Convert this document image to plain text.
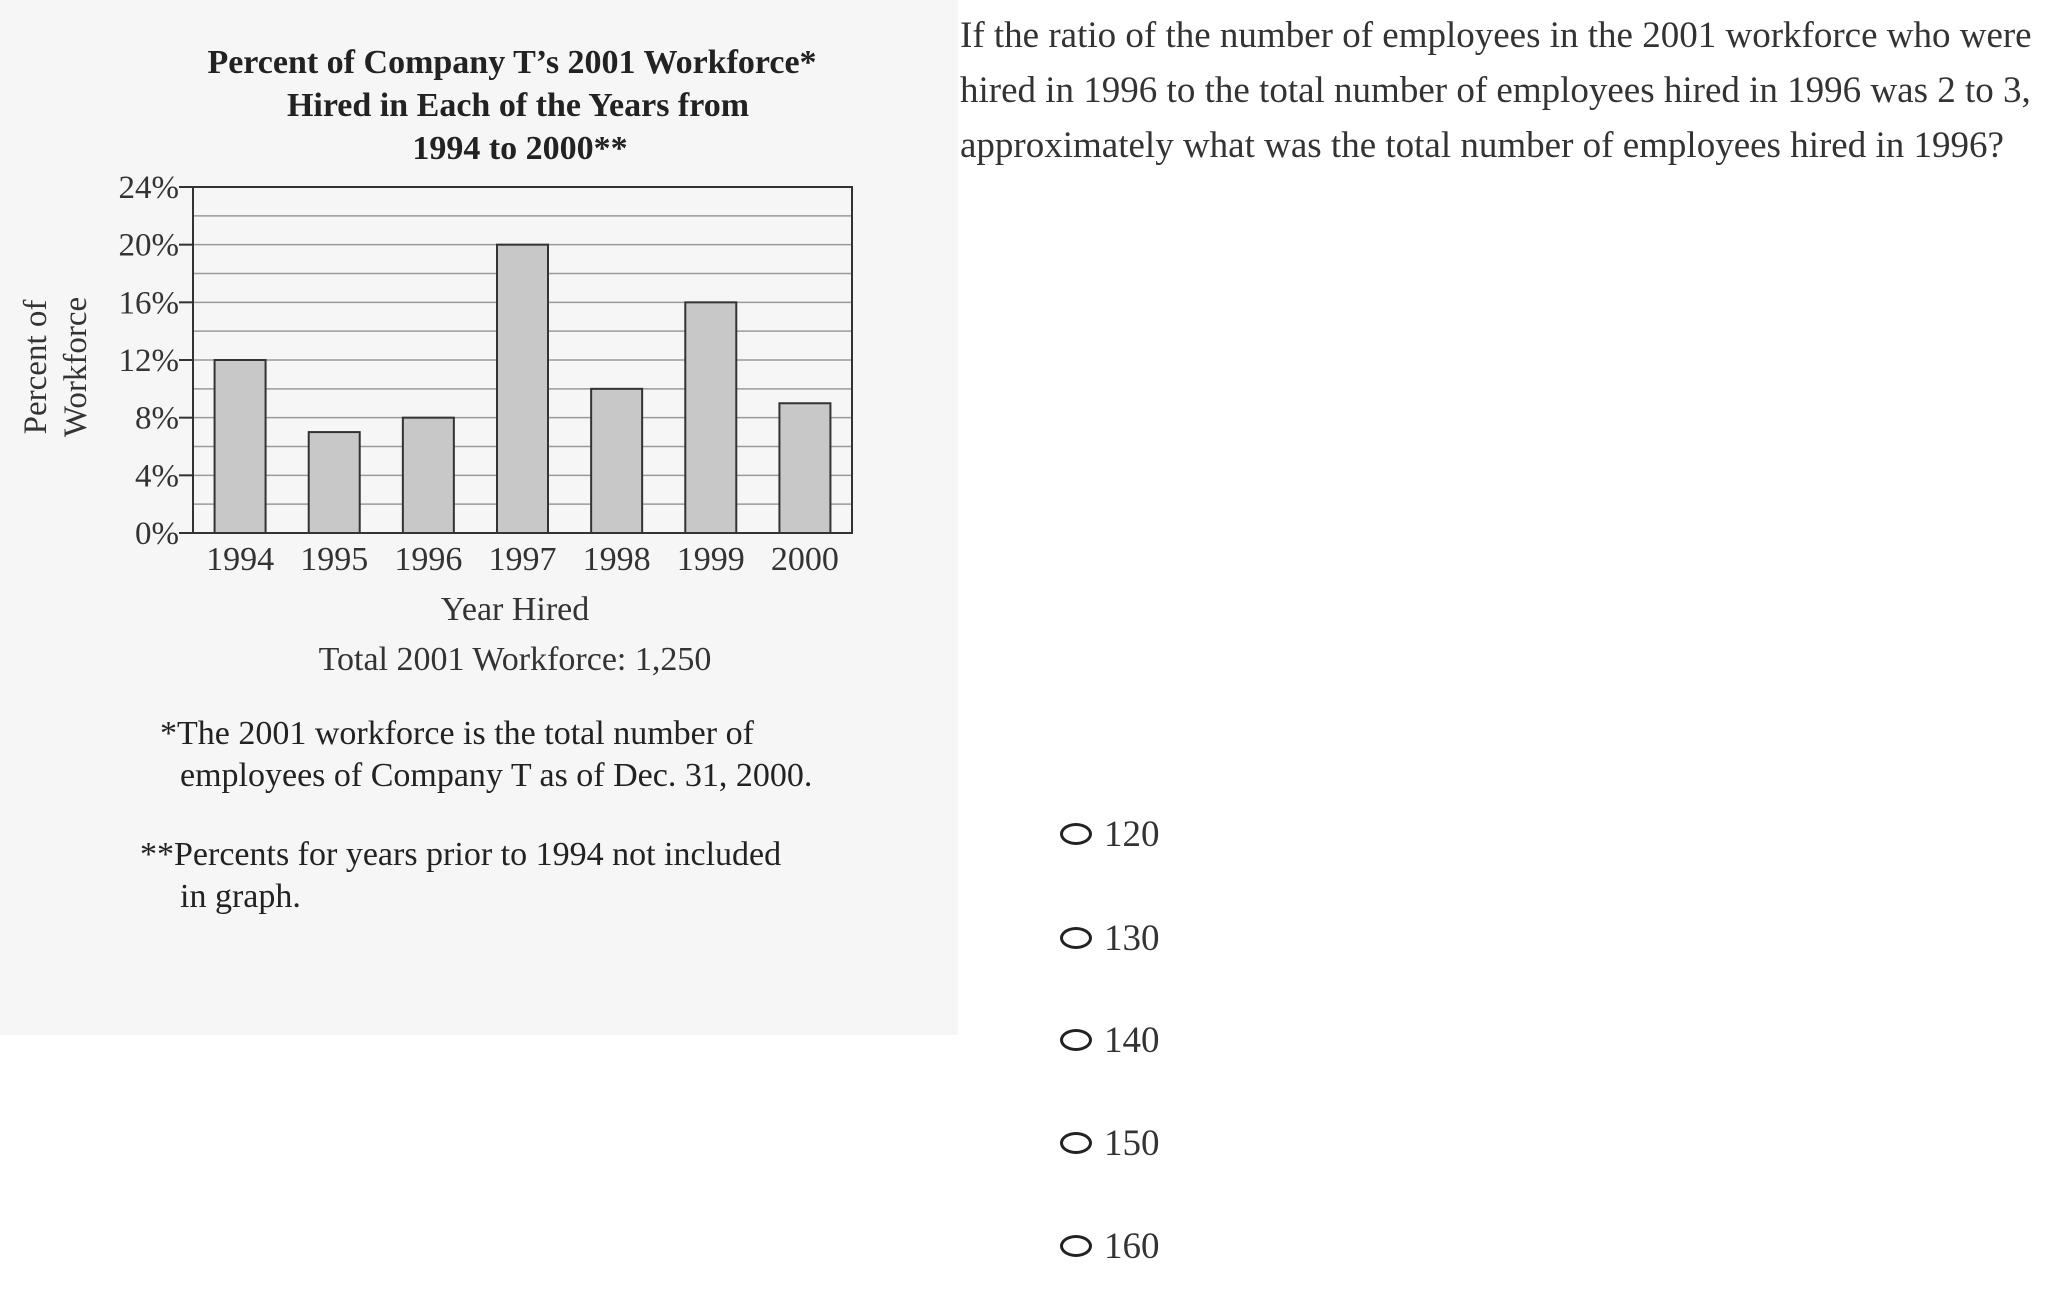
Percent of Company T’s 2001 Workforce*
Hired in Each of the Years from
1994 to 2000**
0%
4%
8%
12%
16%
20%
24%
1994 1995 1996 1997 1998 1999 2000
Percent of Workforce
Year Hired
Total 2001 Workforce: 1,250
*The 2001 workforce is the total number of
employees of Company T as of Dec. 31, 2000.
**Percents for years prior to 1994 not included
in graph.
If the ratio of the number of employees in the 2001 workforce who were hired in 1996 to the total number of employees hired in 1996 was 2 to 3, approximately what was the total number of employees hired in 1996?
120
130
140
150
160
